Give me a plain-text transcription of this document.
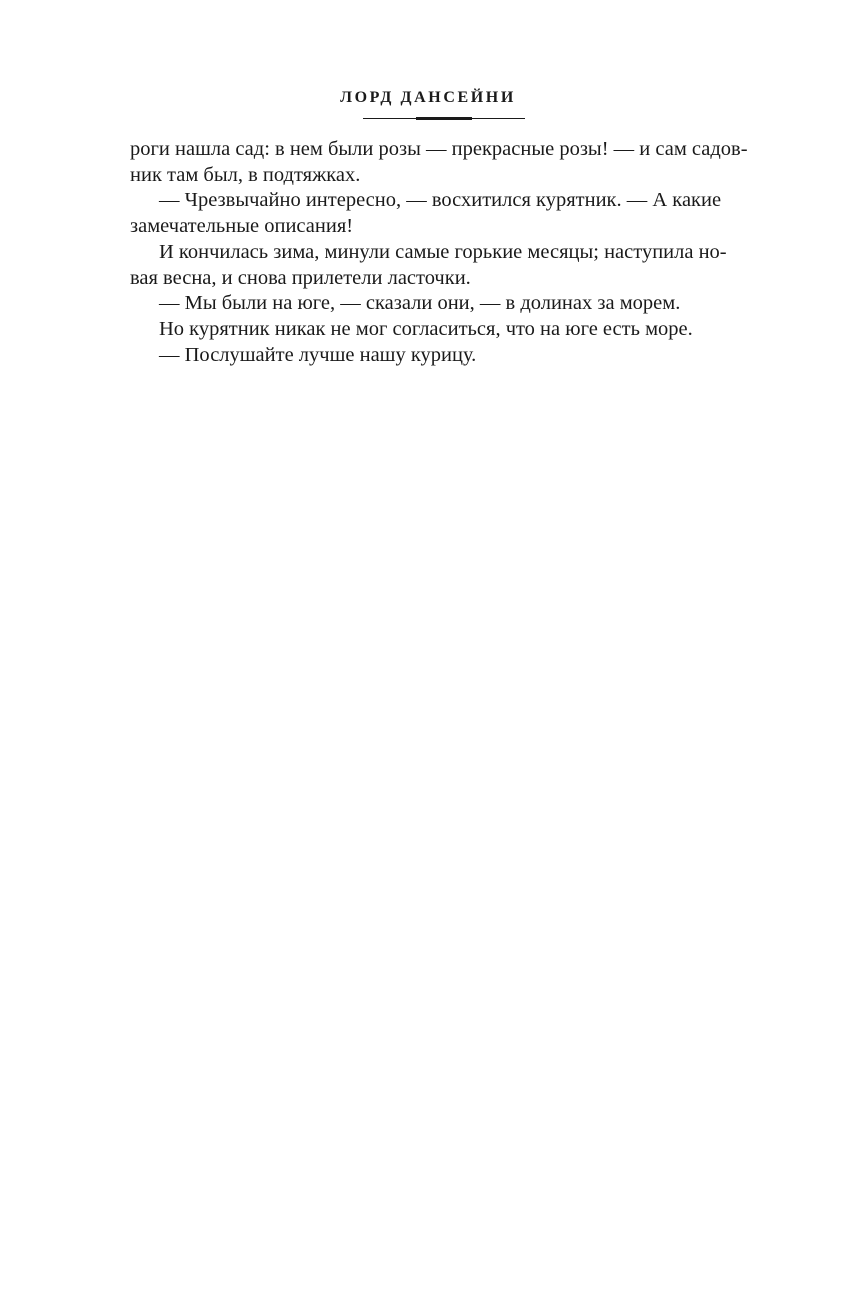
ЛОРД ДАНСЕЙНИ

роги нашла сад: в нем были розы — прекрасные розы! — и сам садов-

ник там был, в подтяжках.

— Чрезвычайно интересно, — восхитился курятник. — А какие

замечательные описания!

И кончилась зима, минули самые горькие месяцы; наступила но-

вая весна, и снова прилетели ласточки.

— Мы были на юге, — сказали они, — в долинах за морем.

Но курятник никак не мог согласиться, что на юге есть море.

— Послушайте лучше нашу курицу.
